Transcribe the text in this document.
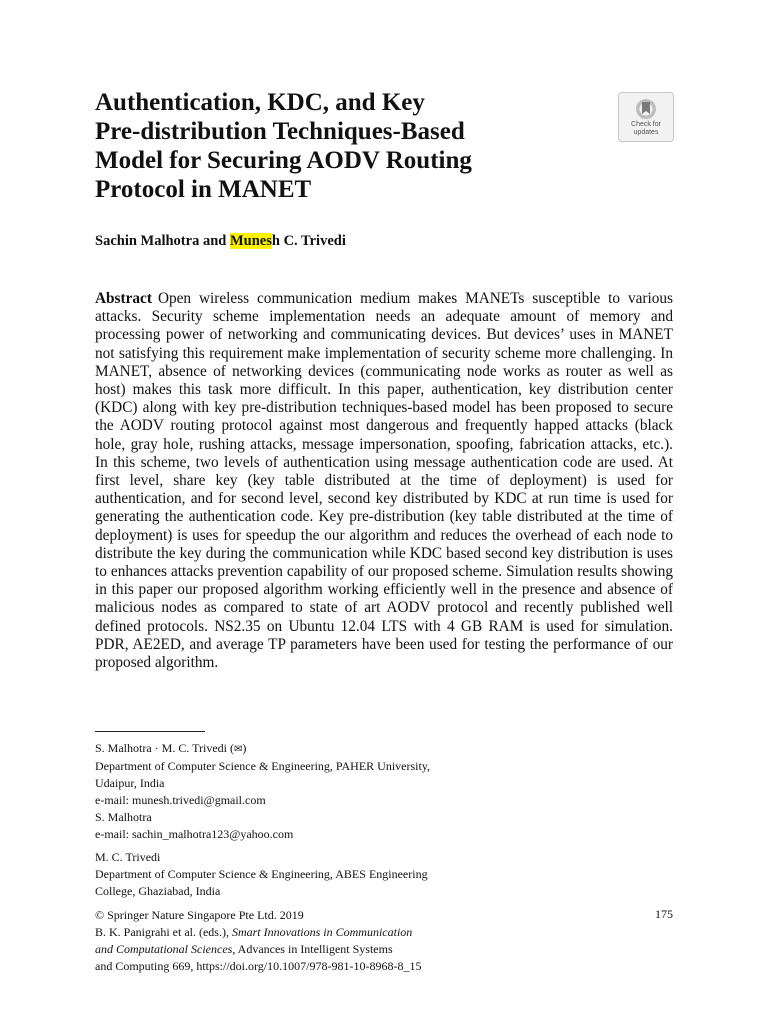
Authentication, KDC, and Key
Pre-distribution Techniques-Based
Model for Securing AODV Routing
Protocol in MANET
Check for
updates
Sachin Malhotra and Munesh C. Trivedi

Abstract Open wireless communication medium makes MANETs susceptible to various attacks. Security scheme implementation needs an adequate amount of memory and processing power of networking and communicating devices. But devices’ uses in MANET not satisfying this requirement make implementation of security scheme more challenging. In MANET, absence of networking devices (communicating node works as router as well as host) makes this task more difficult. In this paper, authentication, key distribution center (KDC) along with key pre-distribution techniques-based model has been proposed to secure the AODV routing protocol against most dangerous and frequently happed attacks (black hole, gray hole, rushing attacks, message impersonation, spoofing, fabrication attacks, etc.). In this scheme, two levels of authentication using message authentication code are used. At first level, share key (key table distributed at the time of deployment) is used for authentication, and for second level, second key distributed by KDC at run time is used for generating the authentication code. Key pre-distribution (key table distributed at the time of deployment) is uses for speedup the our algorithm and reduces the overhead of each node to distribute the key during the communication while KDC based second key distribution is uses to enhances attacks prevention capability of our proposed scheme. Simulation results showing in this paper our proposed algorithm working efficiently well in the presence and absence of malicious nodes as compared to state of art AODV protocol and recently published well defined protocols. NS2.35 on Ubuntu 12.04 LTS with 4 GB RAM is used for simulation. PDR, AE2ED, and average TP parameters have been used for testing the performance of our proposed algorithm.

S. Malhotra · M. C. Trivedi (✉)
Department of Computer Science & Engineering, PAHER University,
Udaipur, India
e-mail: munesh.trivedi@gmail.com
S. Malhotra
e-mail: sachin_malhotra123@yahoo.com
M. C. Trivedi
Department of Computer Science & Engineering, ABES Engineering
College, Ghaziabad, India
© Springer Nature Singapore Pte Ltd. 2019
B. K. Panigrahi et al. (eds.), Smart Innovations in Communication
and Computational Sciences, Advances in Intelligent Systems
and Computing 669, https://doi.org/10.1007/978-981-10-8968-8_15
175
